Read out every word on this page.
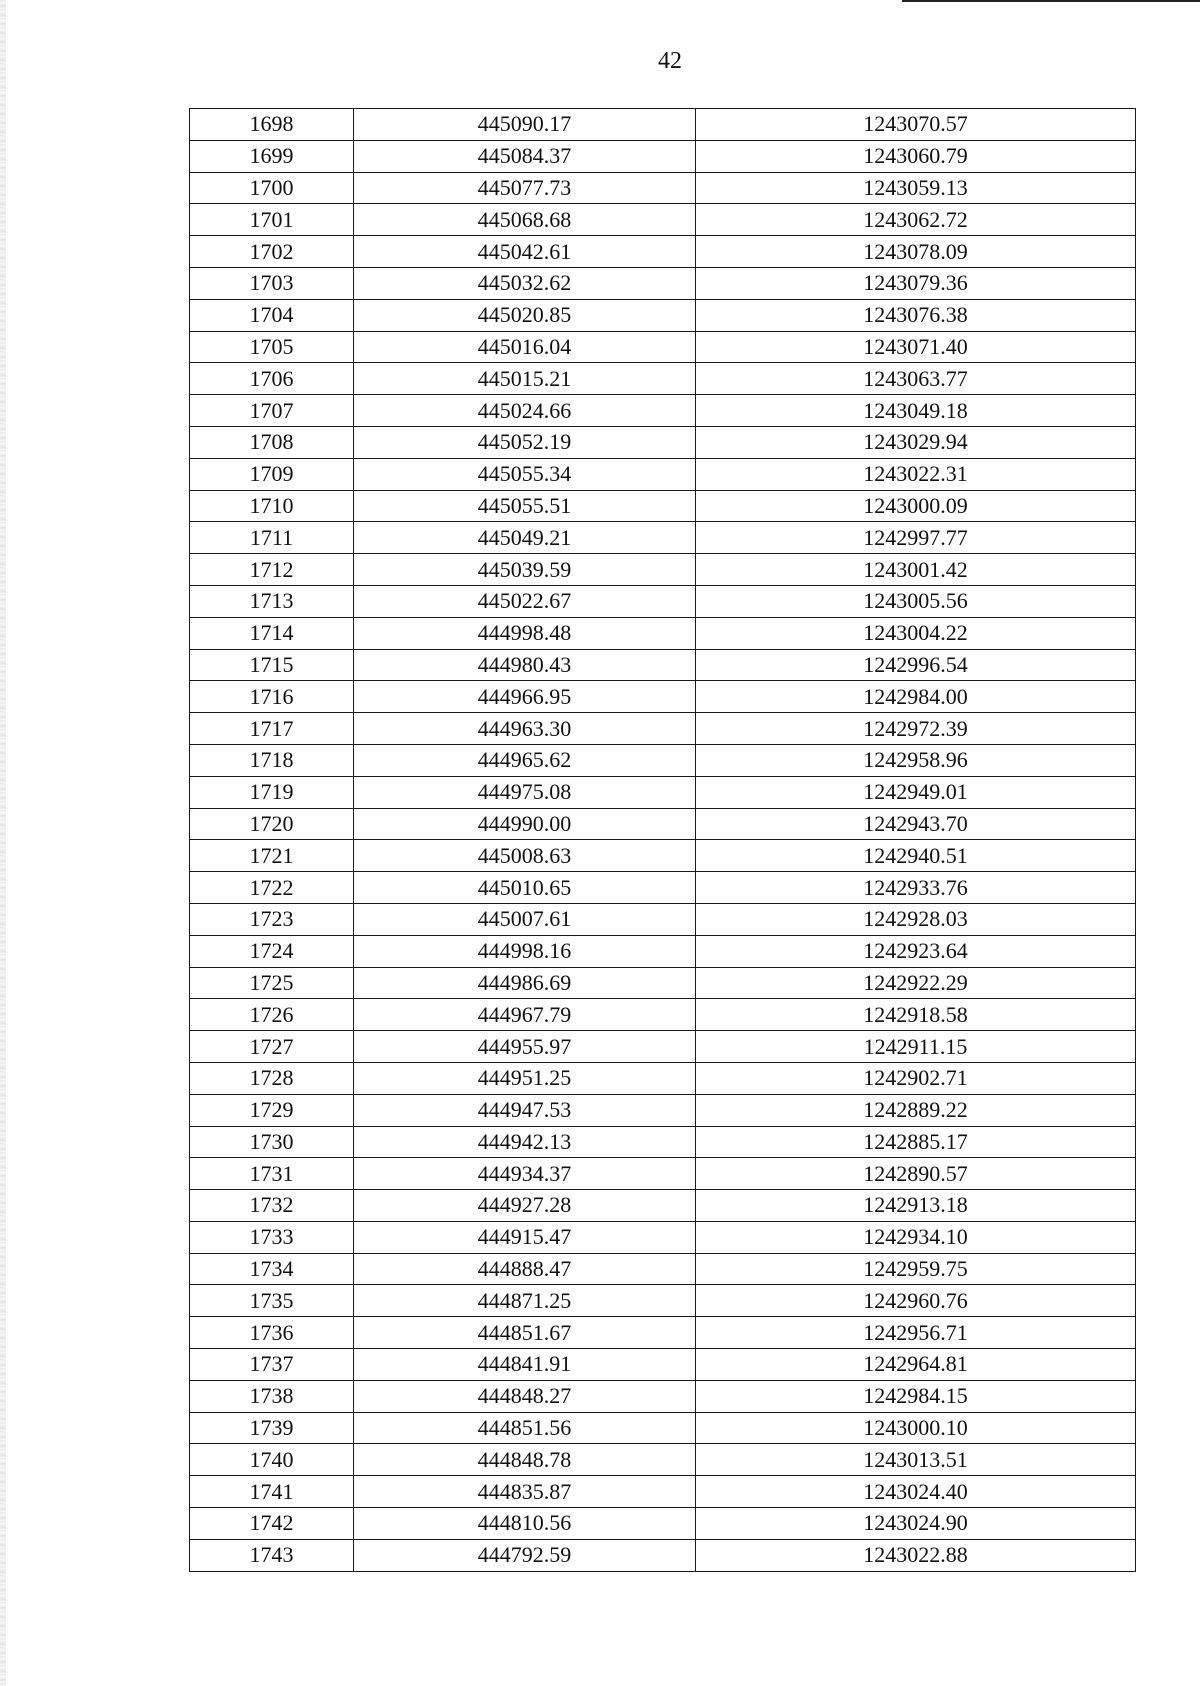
42
1698	445090.17	1243070.57
1699	445084.37	1243060.79
1700	445077.73	1243059.13
1701	445068.68	1243062.72
1702	445042.61	1243078.09
1703	445032.62	1243079.36
1704	445020.85	1243076.38
1705	445016.04	1243071.40
1706	445015.21	1243063.77
1707	445024.66	1243049.18
1708	445052.19	1243029.94
1709	445055.34	1243022.31
1710	445055.51	1243000.09
1711	445049.21	1242997.77
1712	445039.59	1243001.42
1713	445022.67	1243005.56
1714	444998.48	1243004.22
1715	444980.43	1242996.54
1716	444966.95	1242984.00
1717	444963.30	1242972.39
1718	444965.62	1242958.96
1719	444975.08	1242949.01
1720	444990.00	1242943.70
1721	445008.63	1242940.51
1722	445010.65	1242933.76
1723	445007.61	1242928.03
1724	444998.16	1242923.64
1725	444986.69	1242922.29
1726	444967.79	1242918.58
1727	444955.97	1242911.15
1728	444951.25	1242902.71
1729	444947.53	1242889.22
1730	444942.13	1242885.17
1731	444934.37	1242890.57
1732	444927.28	1242913.18
1733	444915.47	1242934.10
1734	444888.47	1242959.75
1735	444871.25	1242960.76
1736	444851.67	1242956.71
1737	444841.91	1242964.81
1738	444848.27	1242984.15
1739	444851.56	1243000.10
1740	444848.78	1243013.51
1741	444835.87	1243024.40
1742	444810.56	1243024.90
1743	444792.59	1243022.88
